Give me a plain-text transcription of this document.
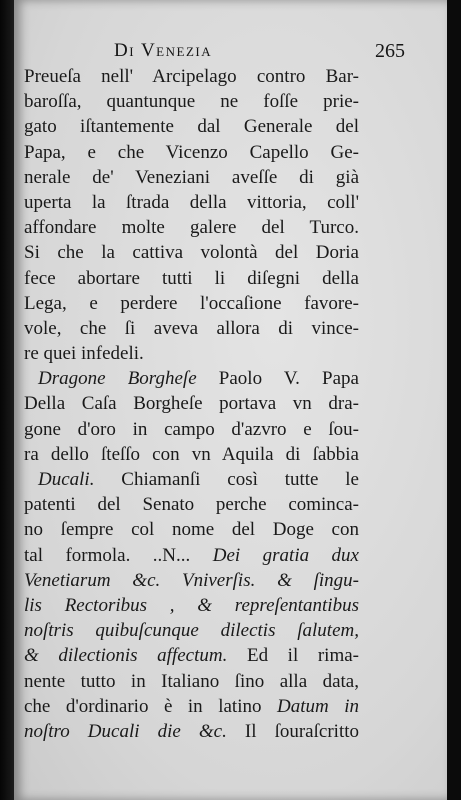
Di Venezia	265
Preueſa nell' Arcipelago contro Bar-
baroſſa, quantunque ne foſſe prie-
gato iſtantemente dal Generale del
Papa, e che Vicenzo Capello Ge-
nerale de' Veneziani aveſſe di già
uperta la ſtrada della vittoria, coll'
affondare molte galere del Turco.
Si che la cattiva volontà del Doria
fece abortare tutti li diſegni della
Lega, e perdere l'occaſione favore-
vole, che ſi aveva allora di vince-
re quei infedeli.
Dragone Borgheſe Paolo V. Papa
Della Caſa Borgheſe portava vn dra-
gone d'oro in campo d'azvro e ſou-
ra dello ſteſſo con vn Aquila di ſabbia
Ducali. Chiamanſi così tutte le
patenti del Senato perche cominca-
no ſempre col nome del Doge con
tal formola. ..N... Dei gratia dux
Venetiarum &c. Vniverſis. & ſingu-
lis Rectoribus , & repreſentantibus
noſtris quibuſcunque dilectis ſalutem,
& dilectionis affectum. Ed il rima-
nente tutto in Italiano ſino alla data,
che d'ordinario è in latino Datum in
noſtro Ducali die &c. Il ſouraſcritto
